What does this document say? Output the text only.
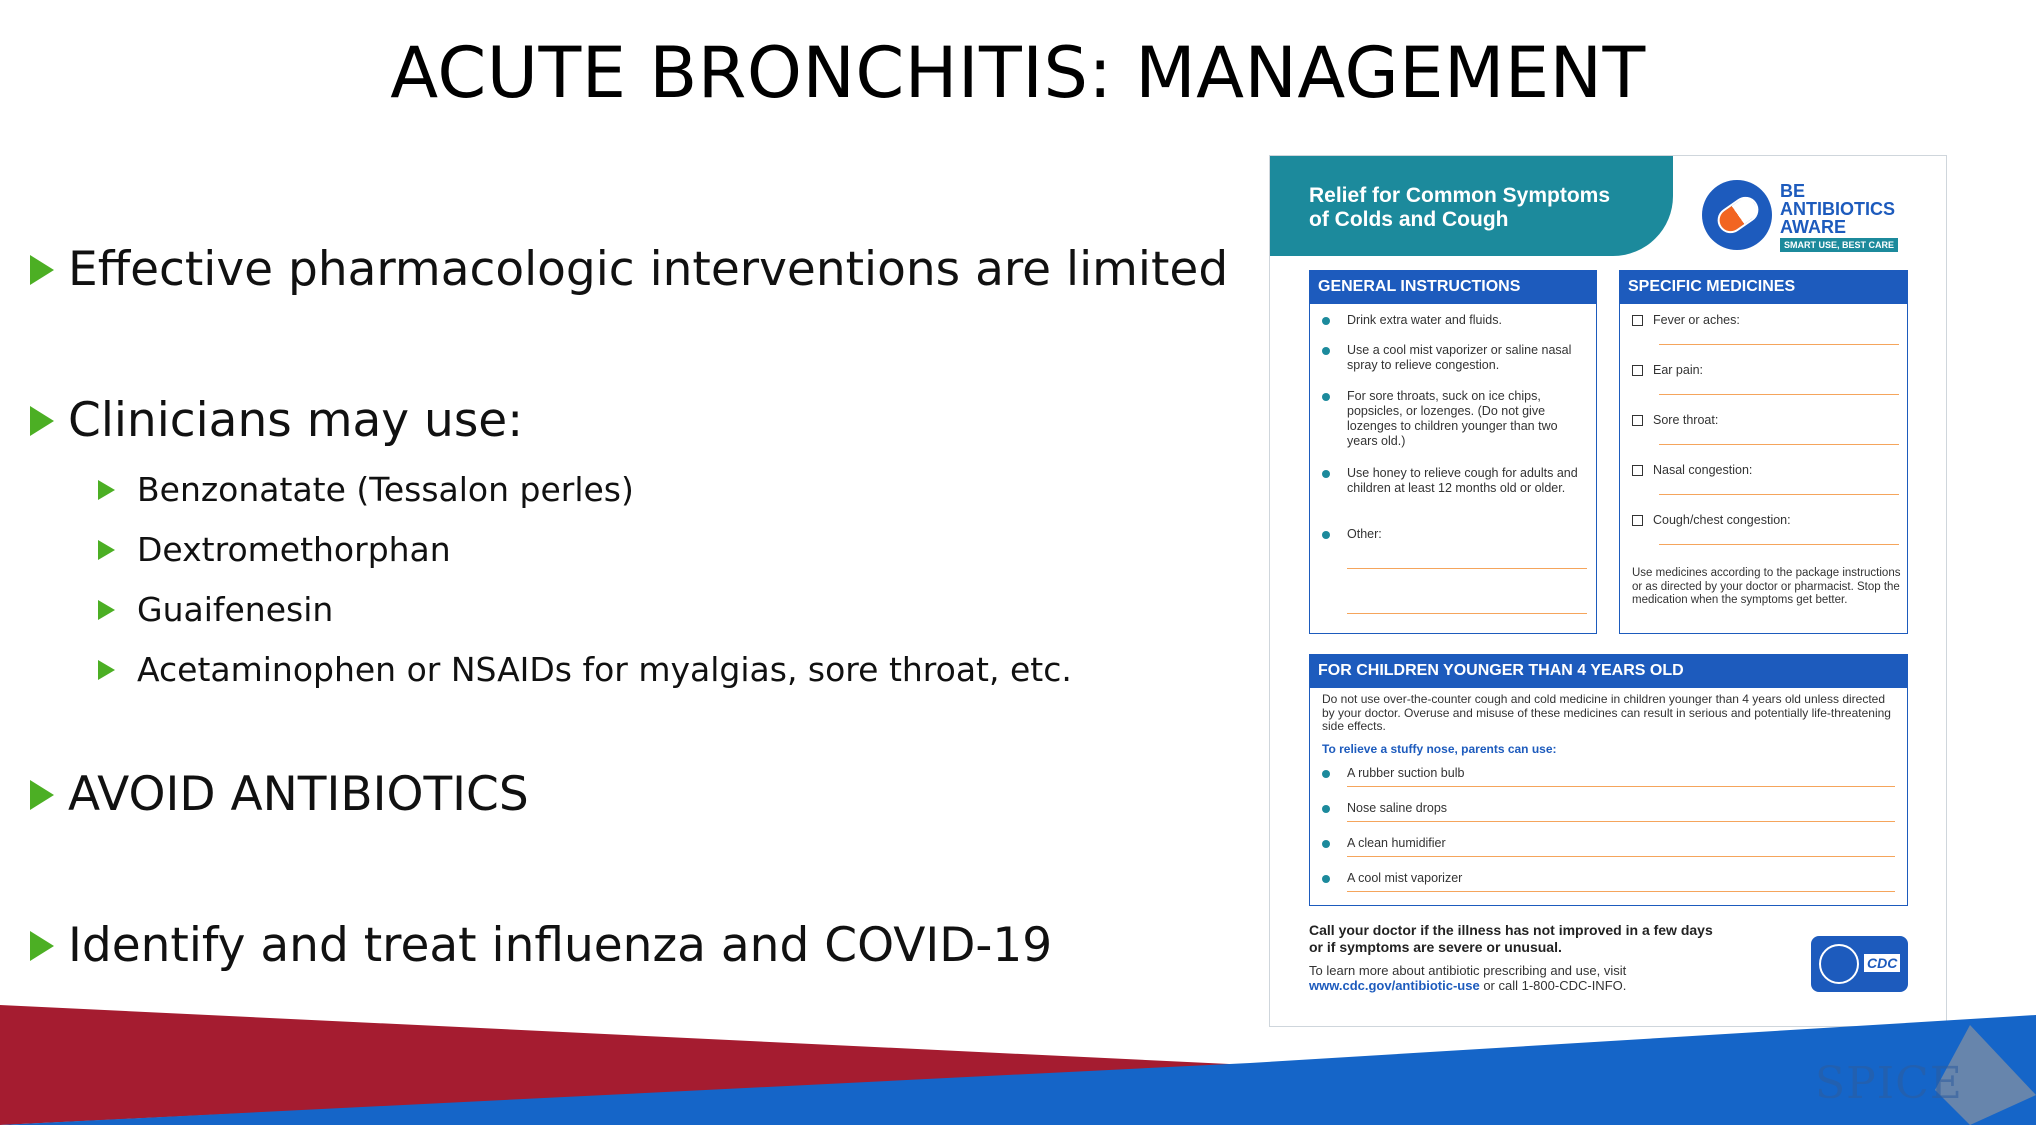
ACUTE BRONCHITIS: MANAGEMENT
Effective pharmacologic interventions are limited
Clinicians may use:
Benzonatate (Tessalon perles)
Dextromethorphan
Guaifenesin
Acetaminophen or NSAIDs for myalgias, sore throat, etc.
AVOID ANTIBIOTICS
Identify and treat influenza and COVID-19
Relief for Common Symptoms
of Colds and Cough
BE
ANTIBIOTICS
AWARE
SMART USE, BEST CARE
GENERAL INSTRUCTIONS
Drink extra water and fluids.
Use a cool mist vaporizer or saline nasal spray to relieve congestion.
For sore throats, suck on ice chips, popsicles, or lozenges. (Do not give lozenges to children younger than two years old.)
Use honey to relieve cough for adults and children at least 12 months old or older.
Other:
SPECIFIC MEDICINES
Fever or aches:
Ear pain:
Sore throat:
Nasal congestion:
Cough/chest congestion:
Use medicines according to the package instructions or as directed by your doctor or pharmacist. Stop the medication when the symptoms get better.
FOR CHILDREN YOUNGER THAN 4 YEARS OLD
Do not use over-the-counter cough and cold medicine in children younger than 4 years old unless directed by your doctor. Overuse and misuse of these medicines can result in serious and potentially life-threatening side effects.
To relieve a stuffy nose, parents can use:
A rubber suction bulb
Nose saline drops
A clean humidifier
A cool mist vaporizer
Call your doctor if the illness has not improved in a few days or if symptoms are severe or unusual.
To learn more about antibiotic prescribing and use, visit www.cdc.gov/antibiotic-use or call 1-800-CDC-INFO.
CDC
SPICE
